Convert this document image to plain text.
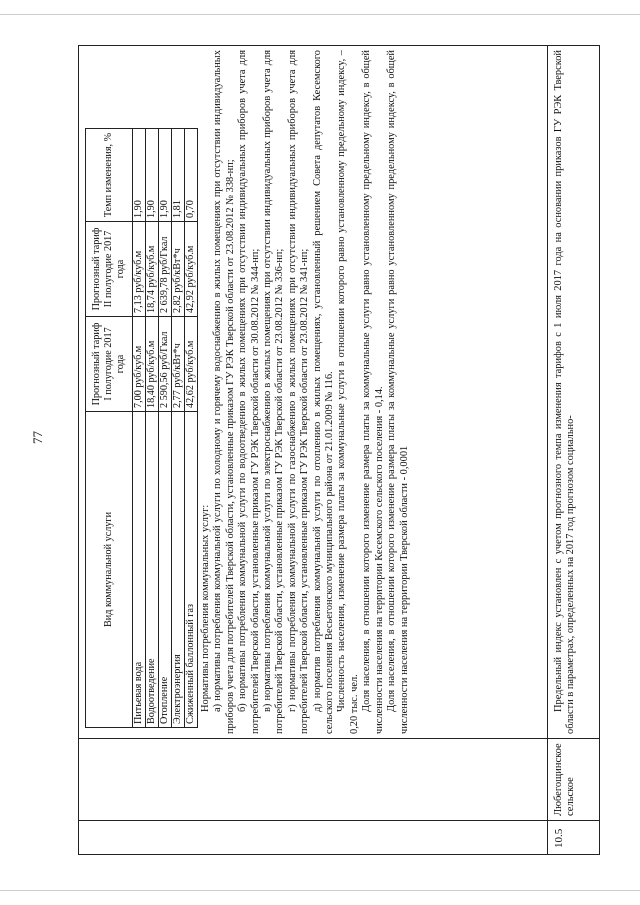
77
10.5
Любегощинское сельское
Вид коммунальной услуги	Прогнозный тариф I полугодие 2017 года	Прогнозный тариф II полугодие 2017 года	Темп изменения, %
Питьевая вода	7,00 руб/куб.м	7,13 руб/куб.м	1,90
Водоотведение	18,40 руб/куб.м	18,74 руб/куб.м	1,90
Отопление	2 590,56 руб/Гкал	2 639,78 руб/Гкал	1,90
Электроэнергия	2,77 руб/кВт*ч	2,82 руб/кВт*ч	1,81
Сжиженный баллонный газ	42,62 руб/куб.м	42,92 руб/куб.м	0,70

Нормативы потребления коммунальных услуг: а) нормативы потребления коммунальной услуги по холодному и горячему водоснабжению в жилых помещениях при отсутствии индивидуальных приборов учета для потребителей Тверской области, установленные приказом ГУ РЭК Тверской области от 23.08.2012 № 338-нп; б) нормативы потребления коммунальной услуги по водоотведению в жилых помещениях при отсутствии индивидуальных приборов учета для потребителей Тверской области, установленные приказом ГУ РЭК Тверской области от 30.08.2012 № 344-нп; в) нормативы потребления коммунальной услуги по электроснабжению в жилых помещениях при отсутствии индивидуальных приборов учета для потребителей Тверской области, установленные приказом ГУ РЭК Тверской области от 23.08.2012 № 336-нп; г) нормативы потребления коммунальной услуги по газоснабжению в жилых помещениях при отсутствии индивидуальных приборов учета для потребителей Тверской области, установленные приказом ГУ РЭК Тверской области от 23.08.2012 № 341-нп; д) норматив потребления коммунальной услуги по отоплению в жилых помещениях, установленный решением Совета депутатов Кесемского сельского поселения Весьегонского муниципального района от 21.01.2009 № 116. Численность населения, изменение размера платы за коммунальные услуги в отношении которого равно установленному предельному индексу, – 0,20 тыс. чел. Доля населения, в отношении которого изменение размера платы за коммунальные услуги равно установленному предельному индексу, в общей численности населения на территории Кесемского сельского поселения - 0,14. Доля населения, в отношении которого изменение размера платы за коммунальные услуги равно установленному предельному индексу, в общей численности населения на территории Тверской области - 0,0001	Предельный индекс установлен с учетом прогнозного темпа изменения тарифов с 1 июля 2017 года на основании приказов ГУ РЭК Тверской области в параметрах, определенных на 2017 год прогнозом социально-
